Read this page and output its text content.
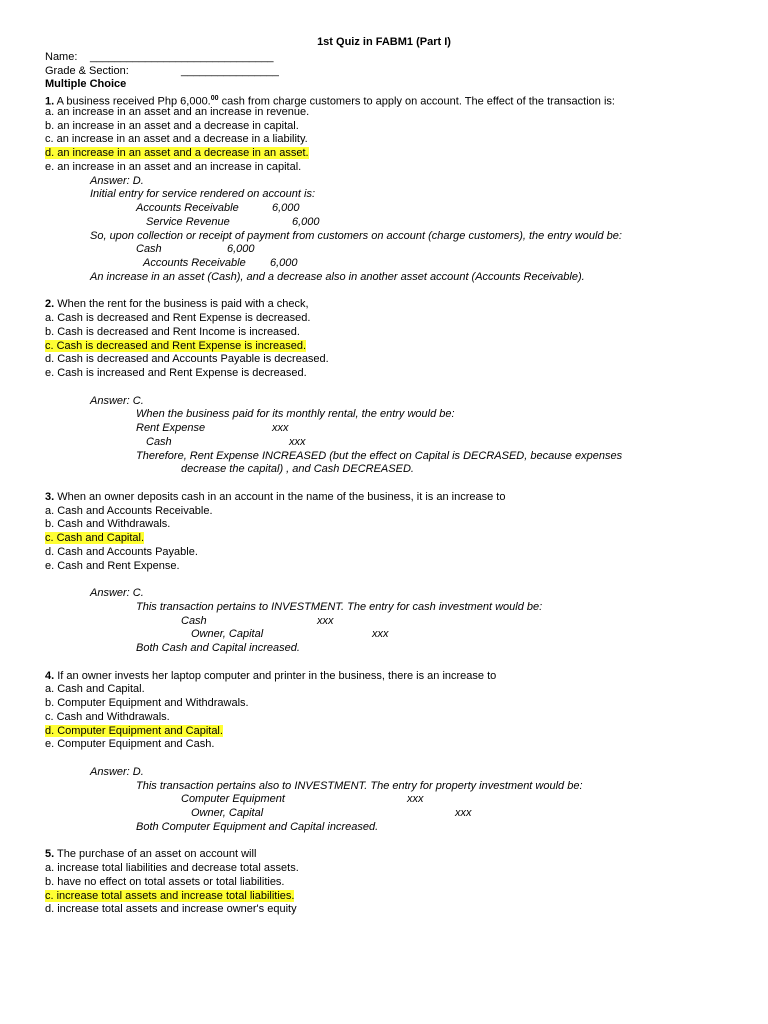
1st Quiz in FABM1 (Part I)
Name: ______________________________
Grade & Section:	________________
Multiple Choice
1. A business received Php 6,000.00 cash from charge customers to apply on account. The effect of the transaction is:
a. an increase in an asset and an increase in revenue.
b. an increase in an asset and a decrease in capital.
c. an increase in an asset and a decrease in a liability.
d. an increase in an asset and a decrease in an asset.
e. an increase in an asset and an increase in capital.
Answer: D.
Initial entry for service rendered on account is:
Accounts Receivable	6,000
Service Revenue	6,000
So, upon collection or receipt of payment from customers on account (charge customers), the entry would be:
Cash	6,000
Accounts Receivable 6,000
An increase in an asset (Cash), and a decrease also in another asset account (Accounts Receivable).
2. When the rent for the business is paid with a check,
a. Cash is decreased and Rent Expense is decreased.
b. Cash is decreased and Rent Income is increased.
c. Cash is decreased and Rent Expense is increased.
d. Cash is decreased and Accounts Payable is decreased.
e. Cash is increased and Rent Expense is decreased.
Answer: C.
When the business paid for its monthly rental, the entry would be:
Rent Expense	xxx
Cash	xxx
Therefore, Rent Expense INCREASED (but the effect on Capital is DECRASED, because expenses
decrease the capital) , and Cash DECREASED.
3. When an owner deposits cash in an account in the name of the business, it is an increase to
a. Cash and Accounts Receivable.
b. Cash and Withdrawals.
c. Cash and Capital.
d. Cash and Accounts Payable.
e. Cash and Rent Expense.
Answer: C.
This transaction pertains to INVESTMENT. The entry for cash investment would be:
Cash	xxx
Owner, Capital	xxx
Both Cash and Capital increased.
4. If an owner invests her laptop computer and printer in the business, there is an increase to
a. Cash and Capital.
b. Computer Equipment and Withdrawals.
c. Cash and Withdrawals.
d. Computer Equipment and Capital.
e. Computer Equipment and Cash.
Answer: D.
This transaction pertains also to INVESTMENT. The entry for property investment would be:
Computer Equipment	xxx
Owner, Capital	xxx
Both Computer Equipment and Capital increased.
5. The purchase of an asset on account will
a. increase total liabilities and decrease total assets.
b. have no effect on total assets or total liabilities.
c. increase total assets and increase total liabilities.
d. increase total assets and increase owner's equity
